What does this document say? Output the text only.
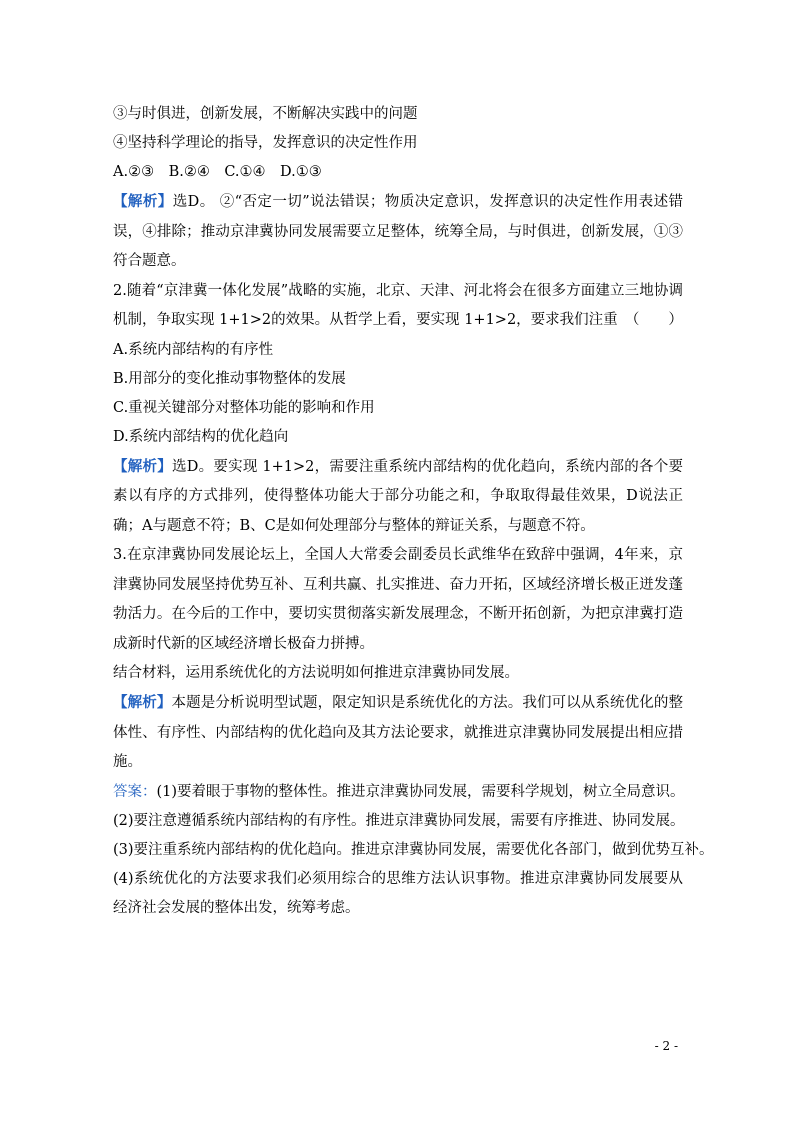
③与时俱进，创新发展，不断解决实践中的问题
④坚持科学理论的指导，发挥意识的决定性作用
A.②③　B.②④　C.①④　D.①③
【解析】选D。 ②“否定一切”说法错误；物质决定意识，发挥意识的决定性作用表述错误，④排除；推动京津冀协同发展需要立足整体，统筹全局，与时俱进，创新发展，①③符合题意。
2.随着“京津冀一体化发展”战略的实施，北京、天津、河北将会在很多方面建立三地协调机制，争取实现 1+1>2的效果。从哲学上看，要实现 1+1>2，要求我们注重　（　　）
A.系统内部结构的有序性
B.用部分的变化推动事物整体的发展
C.重视关键部分对整体功能的影响和作用
D.系统内部结构的优化趋向
【解析】选D。要实现 1+1>2，需要注重系统内部结构的优化趋向，系统内部的各个要素以有序的方式排列，使得整体功能大于部分功能之和，争取取得最佳效果，D说法正确；A与题意不符；B、C是如何处理部分与整体的辩证关系，与题意不符。
3.在京津冀协同发展论坛上，全国人大常委会副委员长武维华在致辞中强调，4年来，京津冀协同发展坚持优势互补、互利共赢、扎实推进、奋力开拓，区域经济增长极正迸发蓬勃活力。在今后的工作中，要切实贯彻落实新发展理念，不断开拓创新，为把京津冀打造成新时代新的区域经济增长极奋力拼搏。
结合材料，运用系统优化的方法说明如何推进京津冀协同发展。
【解析】本题是分析说明型试题，限定知识是系统优化的方法。我们可以从系统优化的整体性、有序性、内部结构的优化趋向及其方法论要求，就推进京津冀协同发展提出相应措施。
答案：(1)要着眼于事物的整体性。推进京津冀协同发展，需要科学规划，树立全局意识。
(2)要注意遵循系统内部结构的有序性。推进京津冀协同发展，需要有序推进、协同发展。
(3)要注重系统内部结构的优化趋向。推进京津冀协同发展，需要优化各部门，做到优势互补。
(4)系统优化的方法要求我们必须用综合的思维方法认识事物。推进京津冀协同发展要从经济社会发展的整体出发，统筹考虑。
- 2 -
